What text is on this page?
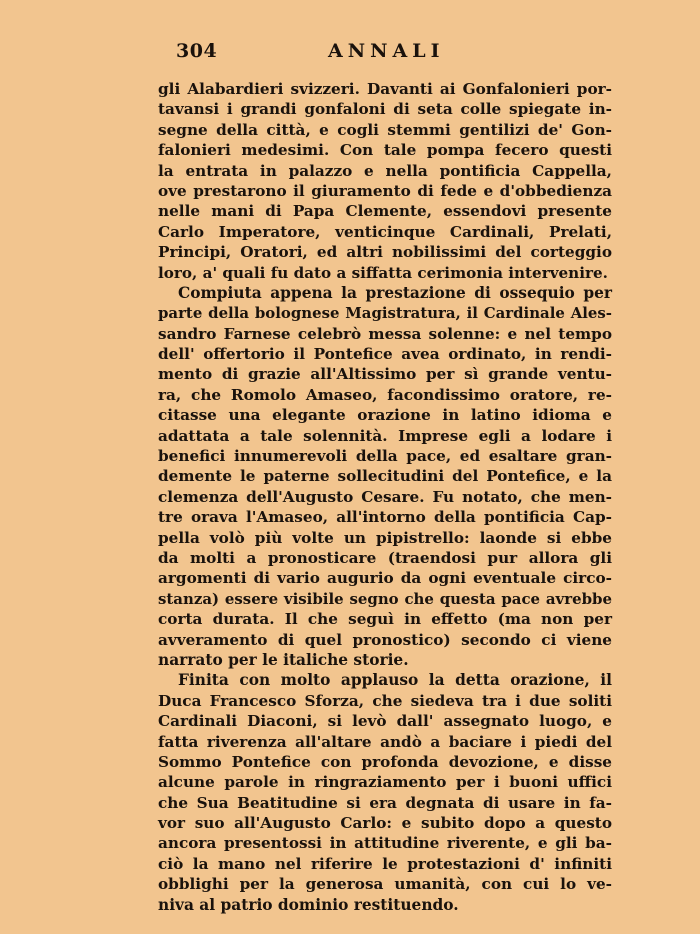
304	ANNALI
gli Alabardieri svizzeri. Davanti ai Gonfalonieri por-
tavansi i grandi gonfaloni di seta colle spiegate in-
segne della città, e cogli stemmi gentilizi de' Gon-
falonieri medesimi. Con tale pompa fecero questi
la entrata in palazzo e nella pontificia Cappella,
ove prestarono il giuramento di fede e d'obbedienza
nelle mani di Papa Clemente, essendovi presente
Carlo Imperatore, venticinque Cardinali, Prelati,
Principi, Oratori, ed altri nobilissimi del corteggio
loro, a' quali fu dato a siffatta cerimonia intervenire.
Compiuta appena la prestazione di ossequio per
parte della bolognese Magistratura, il Cardinale Ales-
sandro Farnese celebrò messa solenne: e nel tempo
dell' offertorio il Pontefice avea ordinato, in rendi-
mento di grazie all'Altissimo per sì grande ventu-
ra, che Romolo Amaseo, facondissimo oratore, re-
citasse una elegante orazione in latino idioma e
adattata a tale solennità. Imprese egli a lodare i
benefici innumerevoli della pace, ed esaltare gran-
demente le paterne sollecitudini del Pontefice, e la
clemenza dell'Augusto Cesare. Fu notato, che men-
tre orava l'Amaseo, all'intorno della pontificia Cap-
pella volò più volte un pipistrello: laonde si ebbe
da molti a pronosticare (traendosi pur allora gli
argomenti di vario augurio da ogni eventuale circo-
stanza) essere visibile segno che questa pace avrebbe
corta durata. Il che seguì in effetto (ma non per
avveramento di quel pronostico) secondo ci viene
narrato per le italiche storie.
Finita con molto applauso la detta orazione, il
Duca Francesco Sforza, che siedeva tra i due soliti
Cardinali Diaconi, si levò dall' assegnato luogo, e
fatta riverenza all'altare andò a baciare i piedi del
Sommo Pontefice con profonda devozione, e disse
alcune parole in ringraziamento per i buoni uffici
che Sua Beatitudine si era degnata di usare in fa-
vor suo all'Augusto Carlo: e subito dopo a questo
ancora presentossi in attitudine riverente, e gli ba-
ciò la mano nel riferire le protestazioni d' infiniti
obblighi per la generosa umanità, con cui lo ve-
niva al patrio dominio restituendo.
